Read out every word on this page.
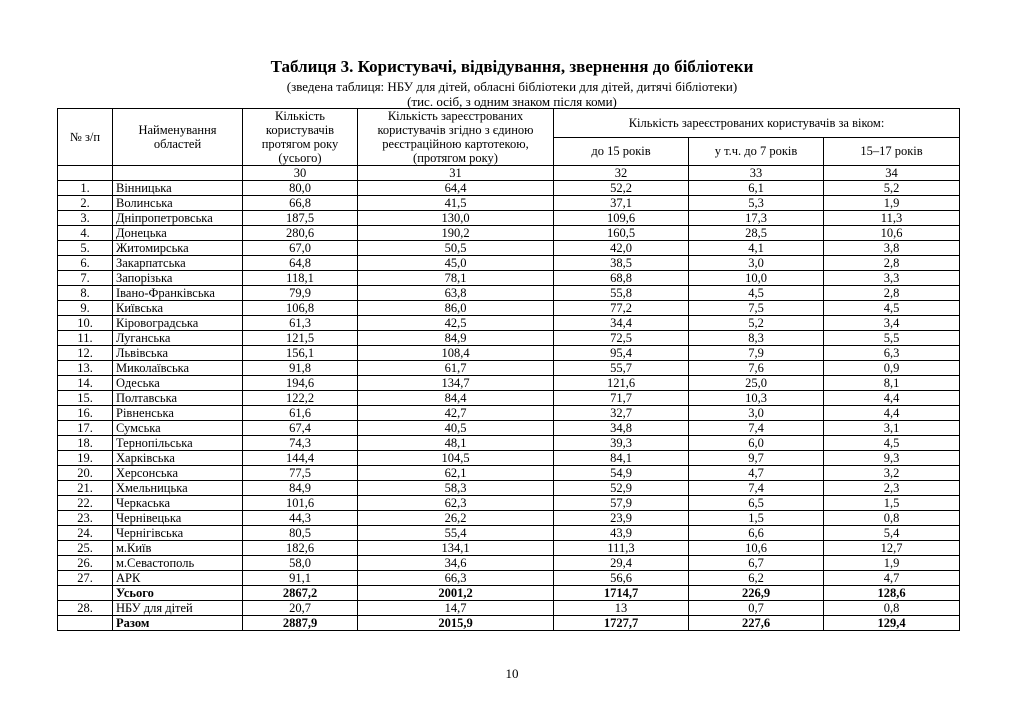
Таблиця 3. Користувачі, відвідування, звернення до бібліотеки
(зведена таблиця: НБУ для дітей, обласні бібліотеки для дітей, дитячі бібліотеки)
(тис. осіб, з одним знаком після коми)
№ з/п	Найменування областей	Кількість користувачів протягом року (усього)	Кількість зареєстрованих користувачів згідно з єдиною реєстраційною картотекою, (протягом року)	Кількість зареєстрованих користувачів за віком:		
				до 15 років	у т.ч. до 7 років	15–17 років
		30	31	32	33	34
1.	Вінницька	80,0	64,4	52,2	6,1	5,2
2.	Волинська	66,8	41,5	37,1	5,3	1,9
3.	Дніпропетровська	187,5	130,0	109,6	17,3	11,3
4.	Донецька	280,6	190,2	160,5	28,5	10,6
5.	Житомирська	67,0	50,5	42,0	4,1	3,8
6.	Закарпатська	64,8	45,0	38,5	3,0	2,8
7.	Запорізька	118,1	78,1	68,8	10,0	3,3
8.	Івано-Франківська	79,9	63,8	55,8	4,5	2,8
9.	Київська	106,8	86,0	77,2	7,5	4,5
10.	Кіровоградська	61,3	42,5	34,4	5,2	3,4
11.	Луганська	121,5	84,9	72,5	8,3	5,5
12.	Львівська	156,1	108,4	95,4	7,9	6,3
13.	Миколаївська	91,8	61,7	55,7	7,6	0,9
14.	Одеська	194,6	134,7	121,6	25,0	8,1
15.	Полтавська	122,2	84,4	71,7	10,3	4,4
16.	Рівненська	61,6	42,7	32,7	3,0	4,4
17.	Сумська	67,4	40,5	34,8	7,4	3,1
18.	Тернопільська	74,3	48,1	39,3	6,0	4,5
19.	Харківська	144,4	104,5	84,1	9,7	9,3
20.	Херсонська	77,5	62,1	54,9	4,7	3,2
21.	Хмельницька	84,9	58,3	52,9	7,4	2,3
22.	Черкаська	101,6	62,3	57,9	6,5	1,5
23.	Чернівецька	44,3	26,2	23,9	1,5	0,8
24.	Чернігівська	80,5	55,4	43,9	6,6	5,4
25.	м.Київ	182,6	134,1	111,3	10,6	12,7
26.	м.Севастополь	58,0	34,6	29,4	6,7	1,9
27.	АРК	91,1	66,3	56,6	6,2	4,7
	Усього	2867,2	2001,2	1714,7	226,9	128,6
28.	НБУ для дітей	20,7	14,7	13	0,7	0,8
	Разом	2887,9	2015,9	1727,7	227,6	129,4
10
